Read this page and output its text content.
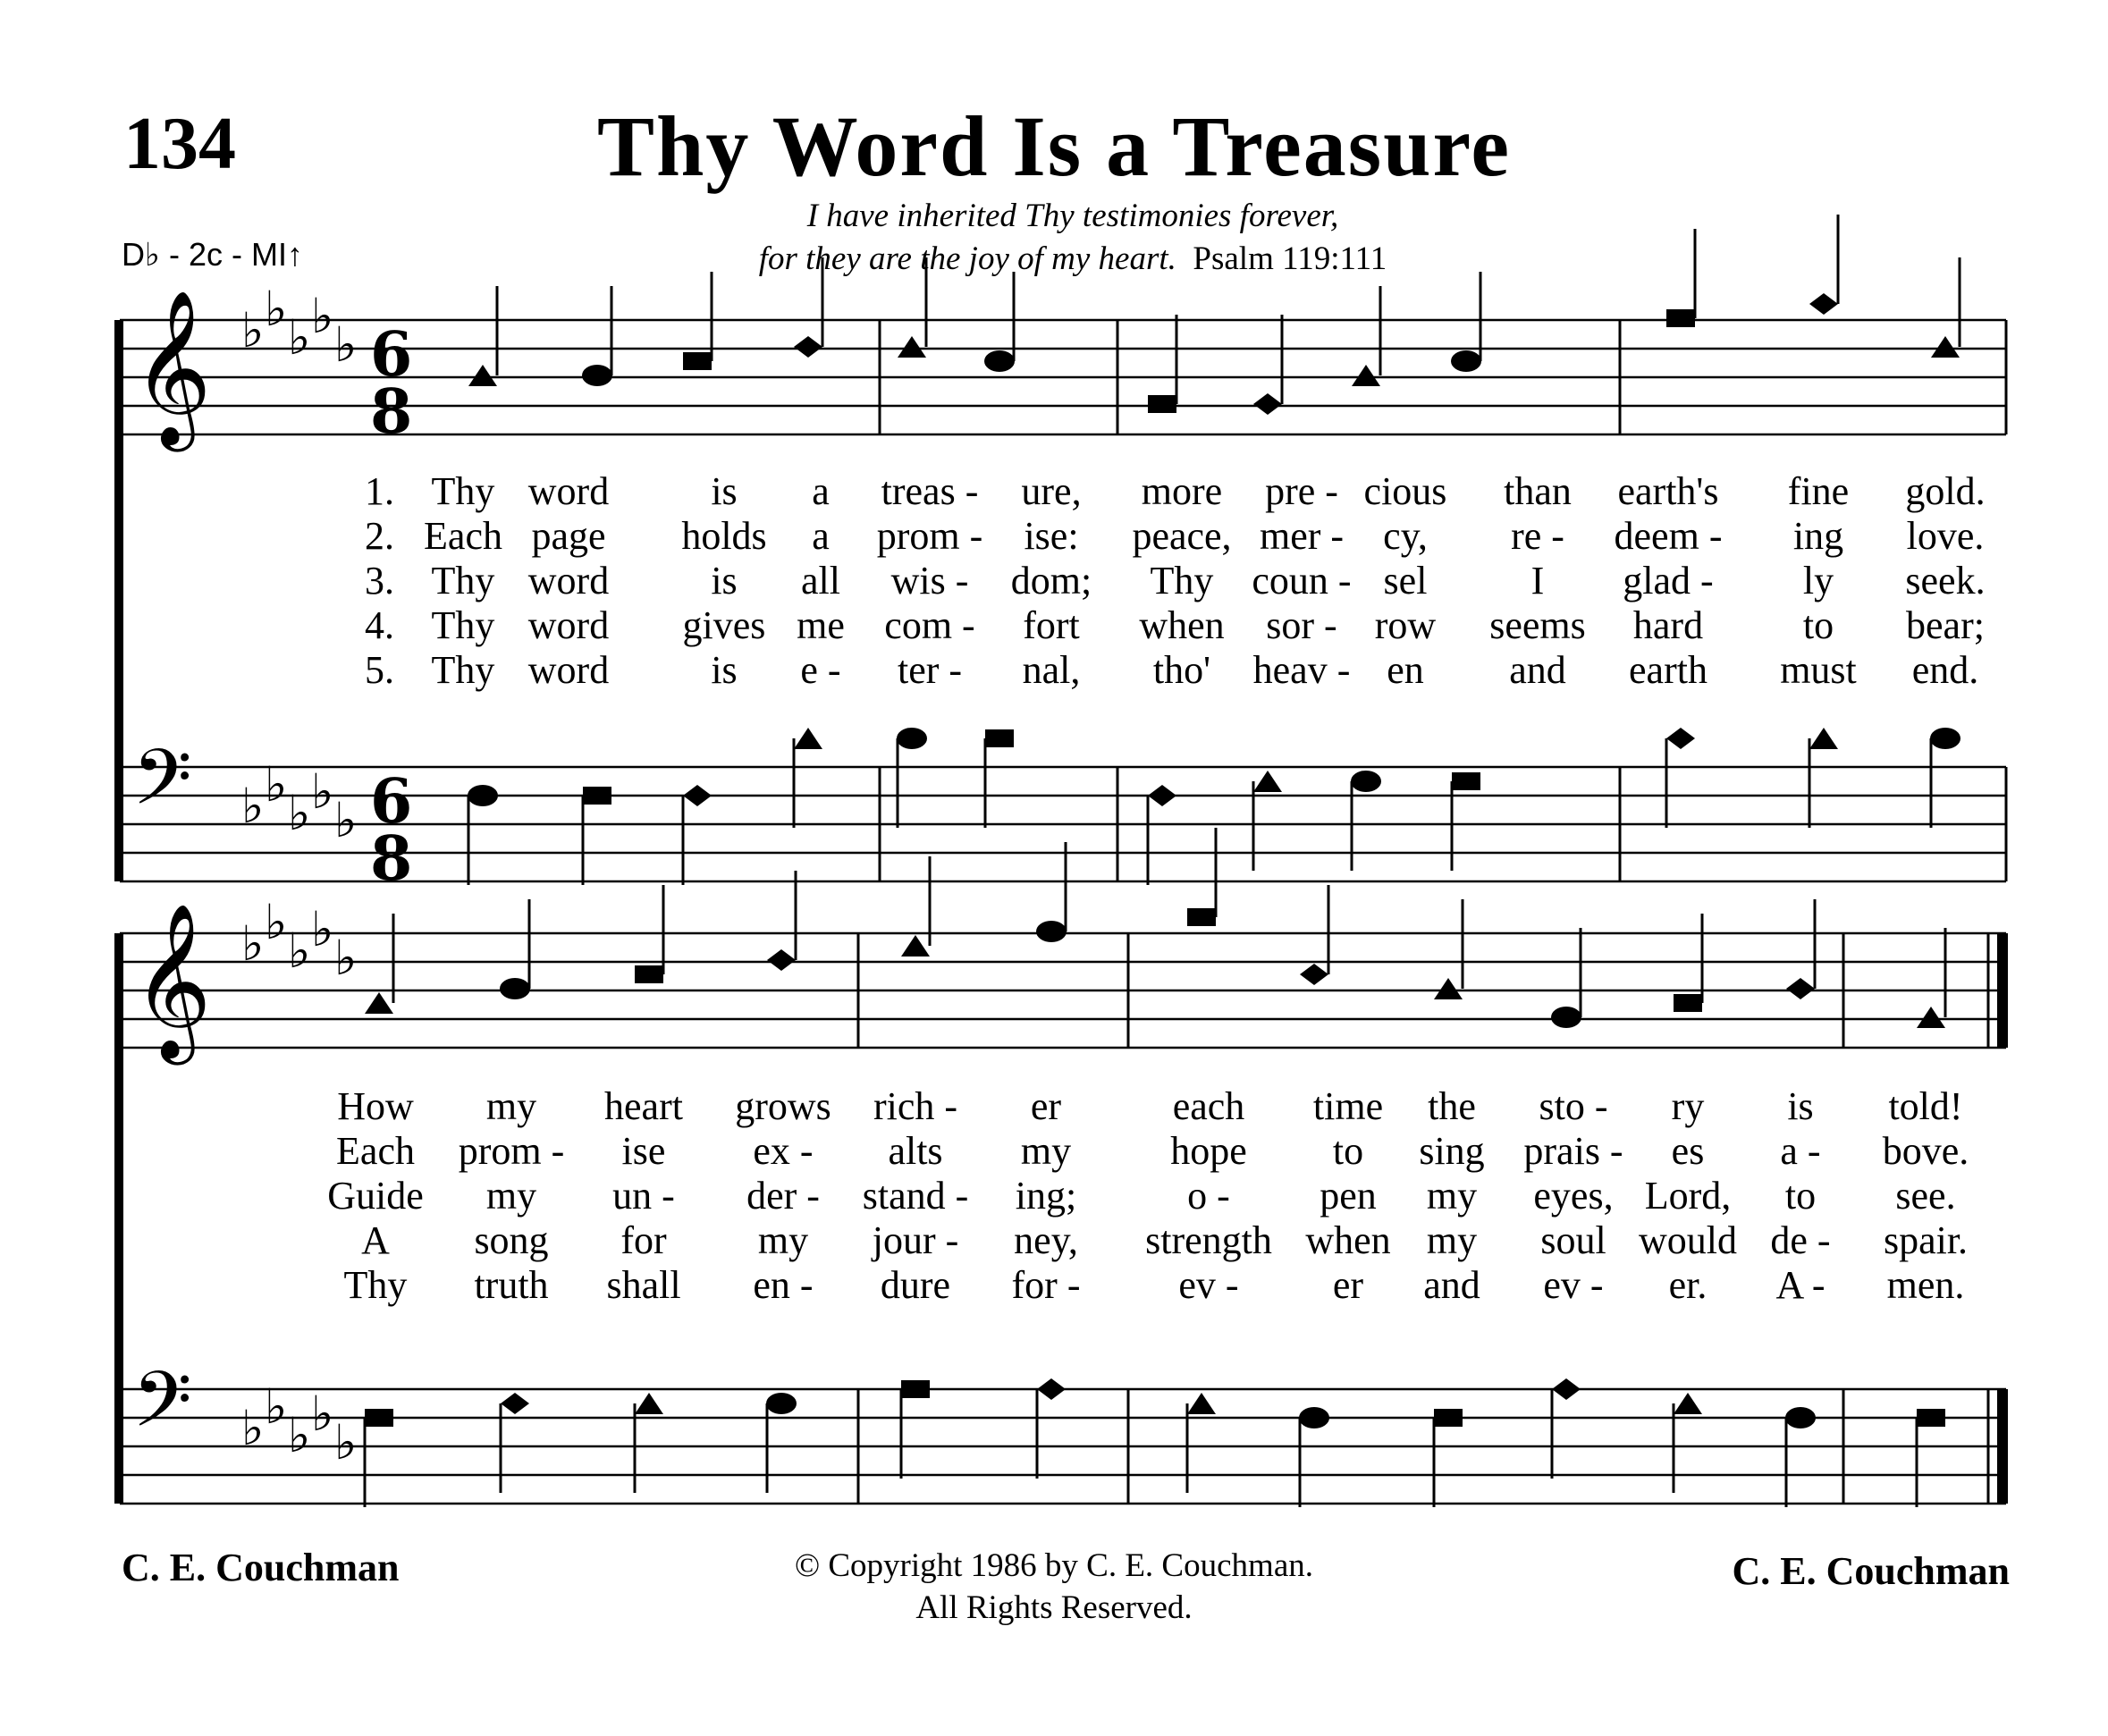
134	Thy Word Is a Treasure
D♭ - 2c - MI↑
I have inherited Thy testimonies forever,
for they are the joy of my heart. Psalm 119:111
𝄞 ♭ ♭
♭ ♭
♭ 6
8
𝄢 ♭ ♭
♭ ♭
♭ 6
8
𝄞 ♭ ♭
♭ ♭
♭
𝄢 ♭ ♭
♭ ♭
♭
1.
2.
3.
4.
5.
Thy word	is a treas - ure, more pre - cious than earth's fine gold.
Each page holds a prom - ise: peace, mer - cy, re - deem - ing love.
Thy word	is all wis - dom; Thy coun - sel	I glad - ly seek.
Thy word gives me com - fort when sor - row seems hard	to bear;
Thy word	is e - ter - nal, tho' heav - en and earth must end.
How my heart grows rich - er	each time the sto - ry is told!
Each prom - ise ex - alts my	hope to sing prais - es a - bove.
Guide my un - der - stand - ing;	o - pen my eyes, Lord, to see.
A song for my jour - ney, strength when my soul would de - spair.
Thy truth shall en - dure for - ev - er and ev - er. A - men.
C. E. Couchman	© Copyright 1986 by C. E. Couchman.
All Rights Reserved.
C. E. Couchman
